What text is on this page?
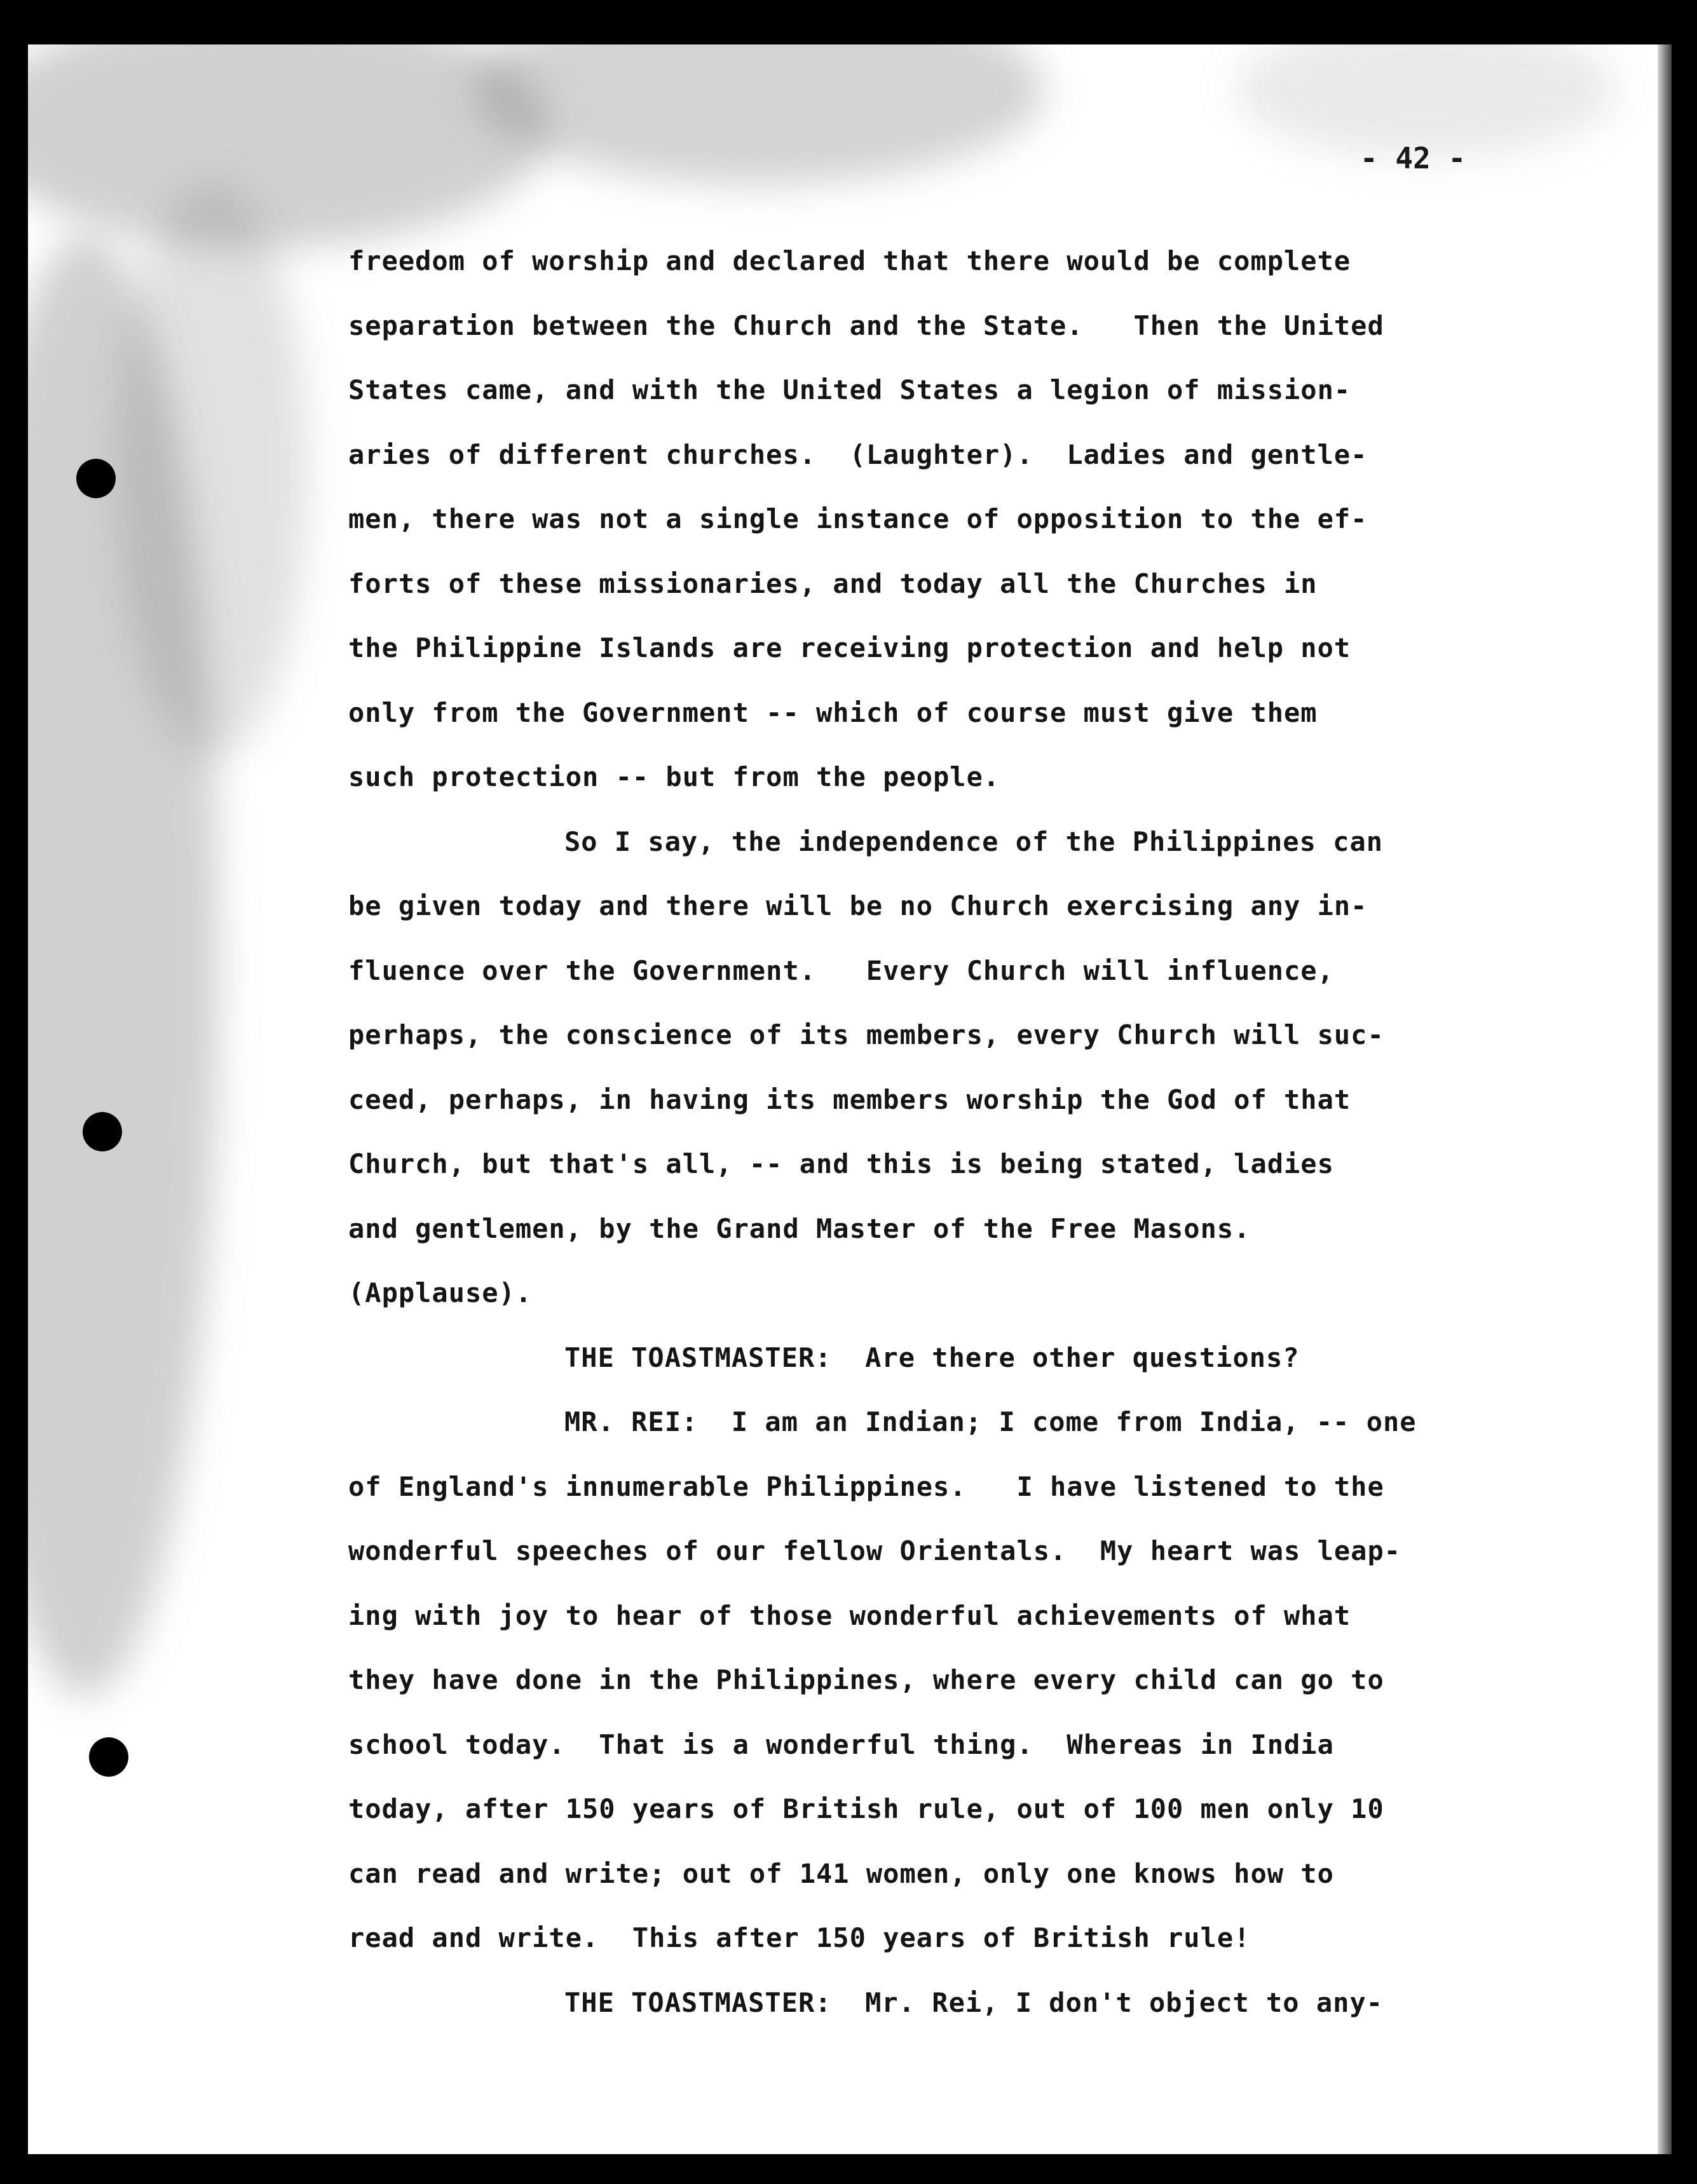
- 42 -
freedom of worship and declared that there would be complete
separation between the Church and the State.   Then the United
States came, and with the United States a legion of mission-
aries of different churches.  (Laughter).  Ladies and gentle-
men, there was not a single instance of opposition to the ef-
forts of these missionaries, and today all the Churches in
the Philippine Islands are receiving protection and help not
only from the Government -- which of course must give them
such protection -- but from the people.
So I say, the independence of the Philippines can
be given today and there will be no Church exercising any in-
fluence over the Government.   Every Church will influence,
perhaps, the conscience of its members, every Church will suc-
ceed, perhaps, in having its members worship the God of that
Church, but that's all, -- and this is being stated, ladies
and gentlemen, by the Grand Master of the Free Masons.
(Applause).
THE TOASTMASTER:  Are there other questions?
MR. REI:  I am an Indian; I come from India, -- one
of England's innumerable Philippines.   I have listened to the
wonderful speeches of our fellow Orientals.  My heart was leap-
ing with joy to hear of those wonderful achievements of what
they have done in the Philippines, where every child can go to
school today.  That is a wonderful thing.  Whereas in India
today, after 150 years of British rule, out of 100 men only 10
can read and write; out of 141 women, only one knows how to
read and write.  This after 150 years of British rule!
THE TOASTMASTER:  Mr. Rei, I don't object to any-
